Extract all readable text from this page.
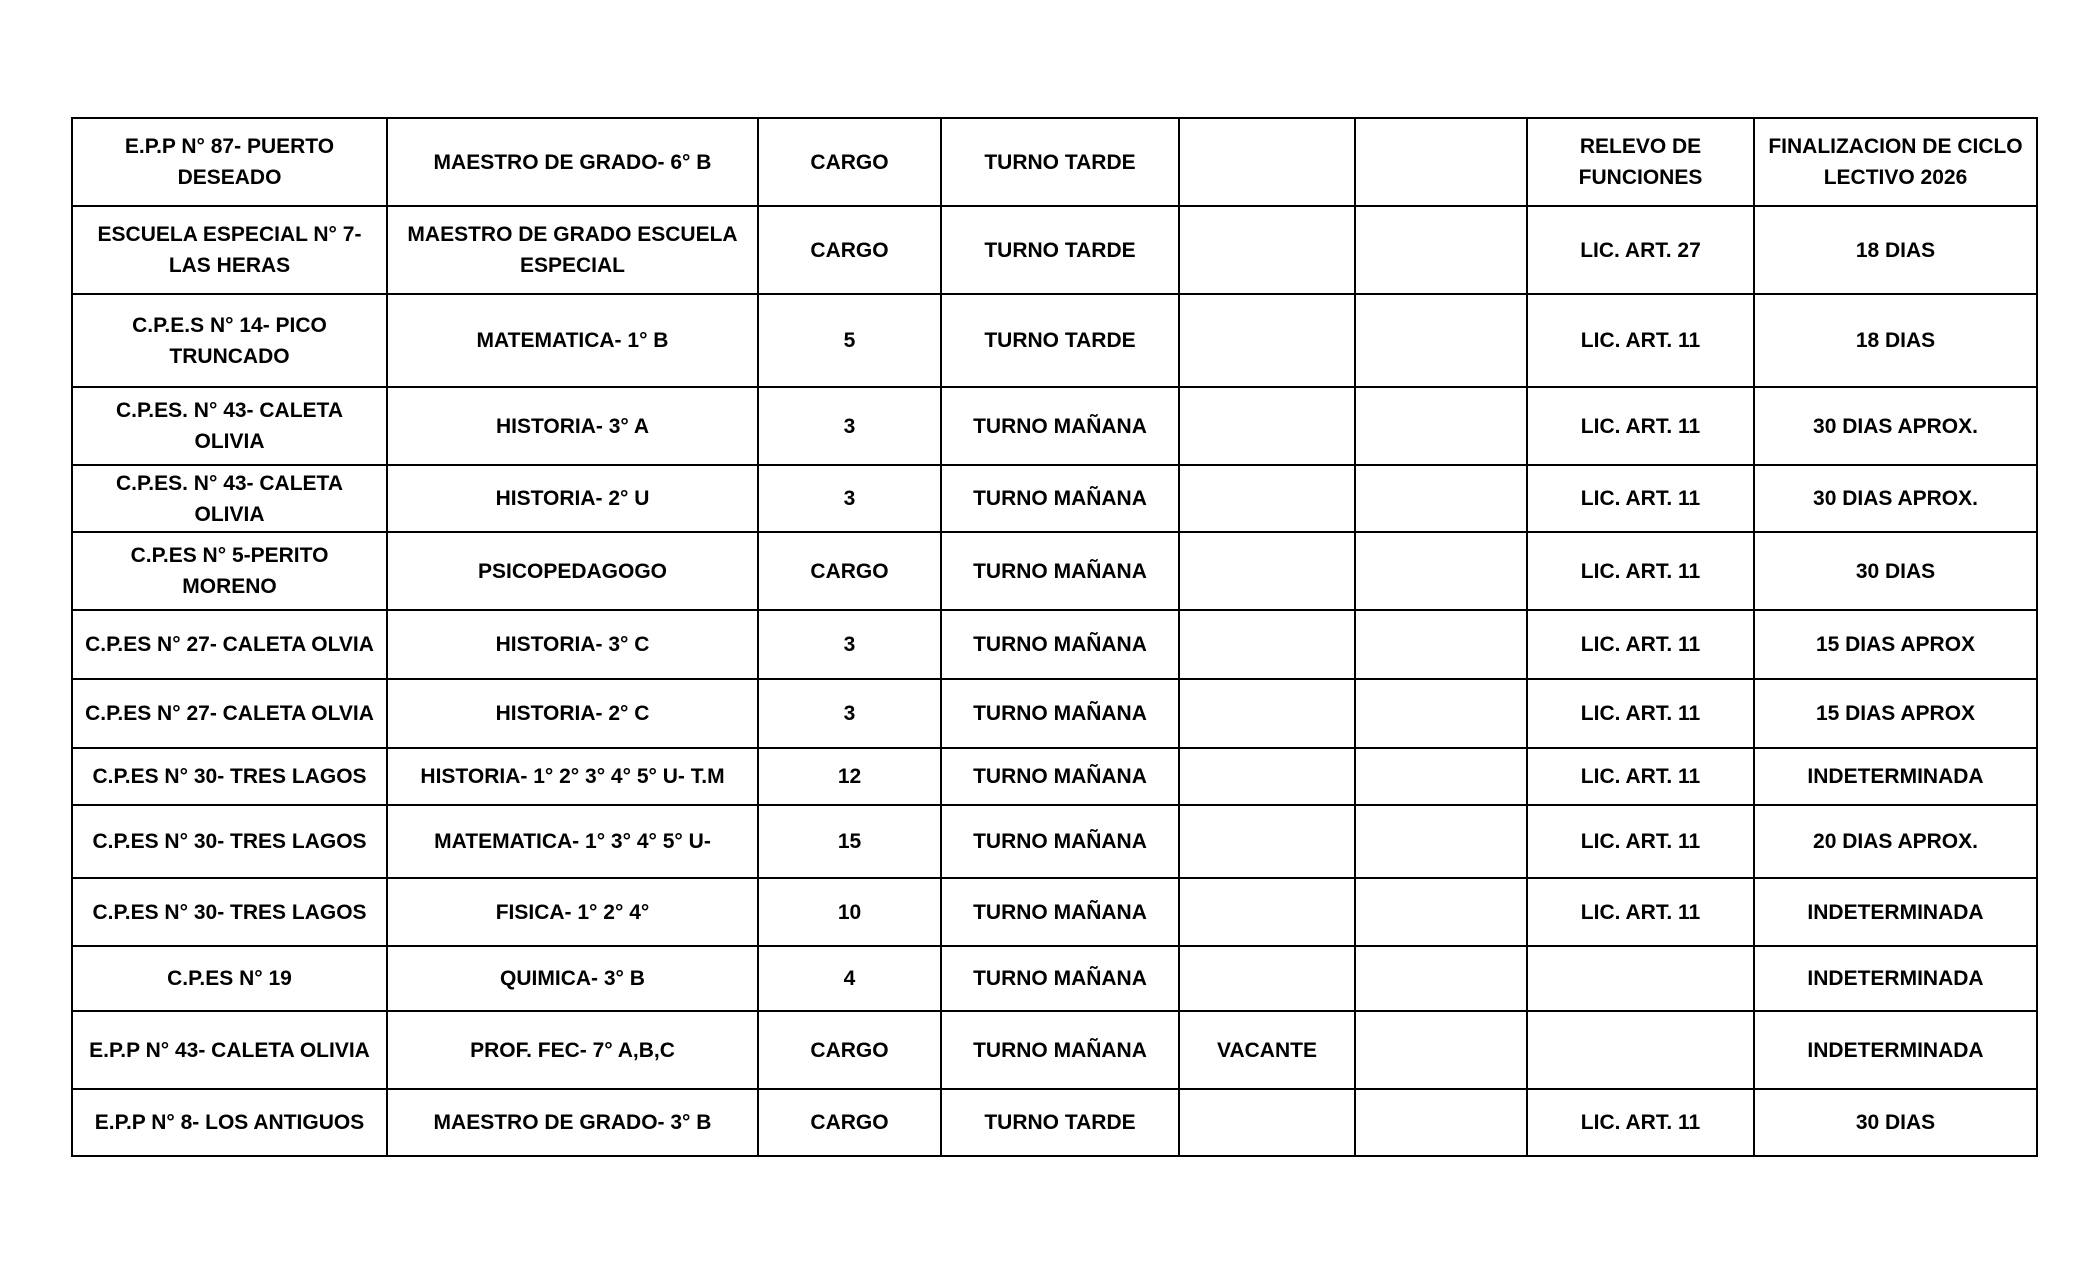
E.P.P N° 87- PUERTO DESEADO	MAESTRO DE GRADO- 6° B	CARGO	TURNO TARDE			RELEVO DE FUNCIONES	FINALIZACION DE CICLO LECTIVO 2026
ESCUELA ESPECIAL N° 7- LAS HERAS	MAESTRO DE GRADO ESCUELA ESPECIAL	CARGO	TURNO TARDE			LIC. ART. 27	18 DIAS
C.P.E.S N° 14- PICO TRUNCADO	MATEMATICA- 1° B	5	TURNO TARDE			LIC. ART. 11	18 DIAS
C.P.ES. N° 43- CALETA OLIVIA	HISTORIA- 3° A	3	TURNO MAÑANA			LIC. ART. 11	30 DIAS APROX.
C.P.ES. N° 43- CALETA OLIVIA	HISTORIA- 2° U	3	TURNO MAÑANA			LIC. ART. 11	30 DIAS APROX.
C.P.ES N° 5-PERITO MORENO	PSICOPEDAGOGO	CARGO	TURNO MAÑANA			LIC. ART. 11	30 DIAS
C.P.ES N° 27- CALETA OLVIA	HISTORIA- 3° C	3	TURNO MAÑANA			LIC. ART. 11	15 DIAS APROX
C.P.ES N° 27- CALETA OLVIA	HISTORIA- 2° C	3	TURNO MAÑANA			LIC. ART. 11	15 DIAS APROX
C.P.ES N° 30- TRES LAGOS	HISTORIA- 1° 2° 3° 4° 5° U- T.M	12	TURNO MAÑANA			LIC. ART. 11	INDETERMINADA
C.P.ES N° 30- TRES LAGOS	MATEMATICA- 1° 3° 4° 5° U-	15	TURNO MAÑANA			LIC. ART. 11	20 DIAS APROX.
C.P.ES N° 30- TRES LAGOS	FISICA- 1° 2° 4°	10	TURNO MAÑANA			LIC. ART. 11	INDETERMINADA
C.P.ES N° 19	QUIMICA- 3° B	4	TURNO MAÑANA				INDETERMINADA
E.P.P N° 43- CALETA OLIVIA	PROF. FEC- 7° A,B,C	CARGO	TURNO MAÑANA	VACANTE			INDETERMINADA
E.P.P N° 8- LOS ANTIGUOS	MAESTRO DE GRADO- 3° B	CARGO	TURNO TARDE			LIC. ART. 11	30 DIAS
